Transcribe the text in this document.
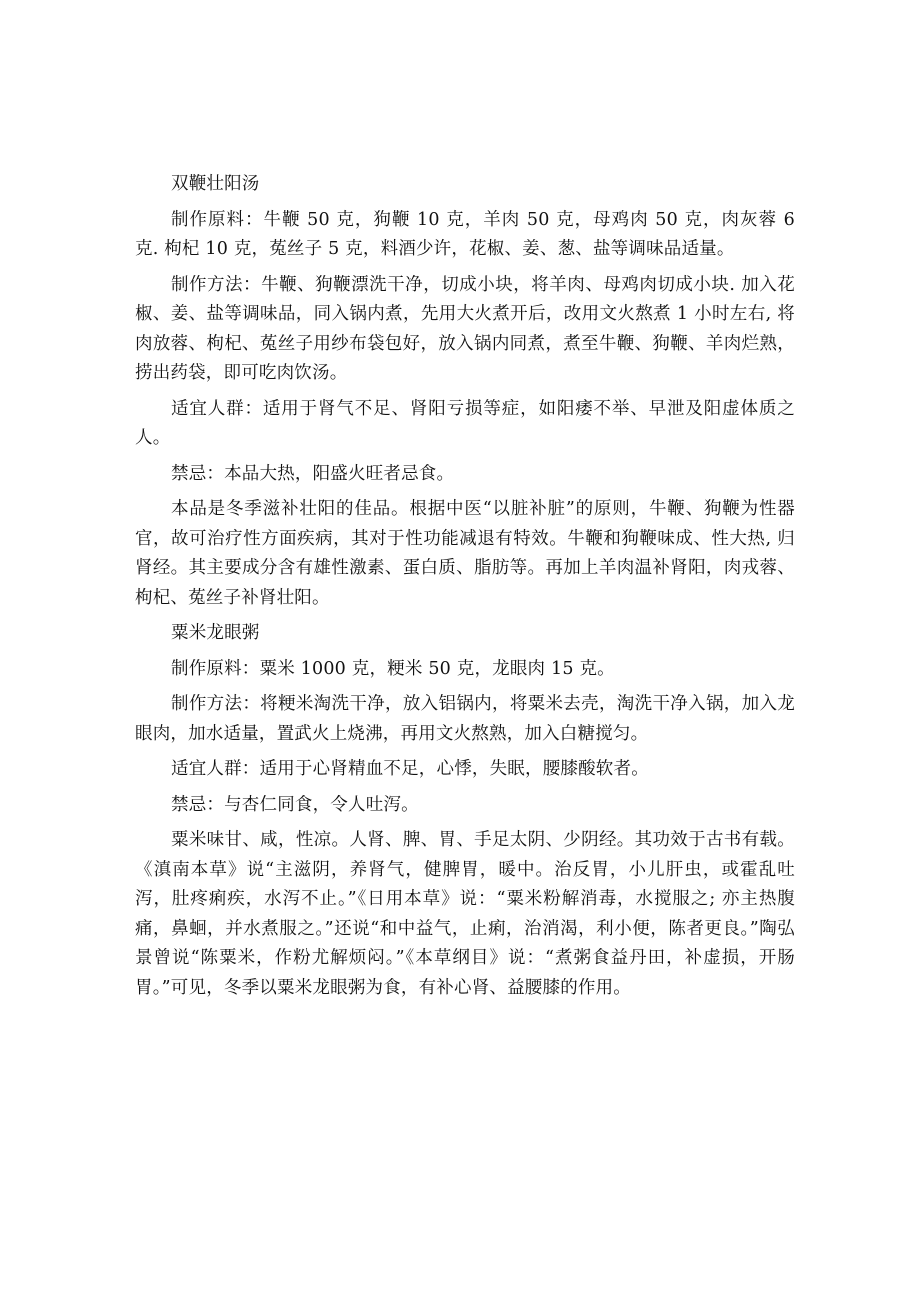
双鞭壮阳汤

制作原料：牛鞭 50 克，狗鞭 10 克，羊肉 50 克，母鸡肉 50 克，肉灰蓉 6 克. 枸杞 10 克，菟丝子 5 克，料酒少许，花椒、姜、葱、盐等调味品适量。

制作方法：牛鞭、狗鞭漂洗干净，切成小块，将羊肉、母鸡肉切成小块. 加入花椒、姜、盐等调味品，同入锅内煮，先用大火煮开后，改用文火熬煮 1 小时左右, 将肉放蓉、枸杞、菟丝子用纱布袋包好，放入锅内同煮，煮至牛鞭、狗鞭、羊肉烂熟，捞出药袋，即可吃肉饮汤。

适宜人群：适用于肾气不足、肾阳亏损等症，如阳痿不举、早泄及阳虚体质之人。

禁忌：本品大热，阳盛火旺者忌食。

本品是冬季滋补壮阳的佳品。根据中医“以脏补脏”的原则，牛鞭、狗鞭为性器官，故可治疗性方面疾病，其对于性功能减退有特效。牛鞭和狗鞭味成、性大热, 归肾经。其主要成分含有雄性激素、蛋白质、脂肪等。再加上羊肉温补肾阳，肉戎蓉、枸杞、菟丝子补肾壮阳。

粟米龙眼粥

制作原料：粟米 1000 克，粳米 50 克，龙眼肉 15 克。

制作方法：将粳米淘洗干净，放入铝锅内，将粟米去壳，淘洗干净入锅，加入龙眼肉，加水适量，置武火上烧沸，再用文火熬熟，加入白糖搅匀。

适宜人群：适用于心肾精血不足，心悸，失眠，腰膝酸软者。

禁忌：与杏仁同食，令人吐泻。

粟米味甘、咸，性凉。人肾、脾、胃、手足太阴、少阴经。其功效于古书有载。《滇南本草》说“主滋阴，养肾气，健脾胃，暖中。治反胃，小儿肝虫，或霍乱吐泻，肚疼痢疾，水泻不止。”《日用本草》说：“粟米粉解消毒，水搅服之; 亦主热腹痛，鼻蛔，并水煮服之。”还说“和中益气，止痢，治消渴，利小便，陈者更良。”陶弘景曾说“陈粟米，作粉尤解烦闷。”《本草纲目》说：“煮粥食益丹田，补虚损，开肠胃。”可见，冬季以粟米龙眼粥为食，有补心肾、益腰膝的作用。
